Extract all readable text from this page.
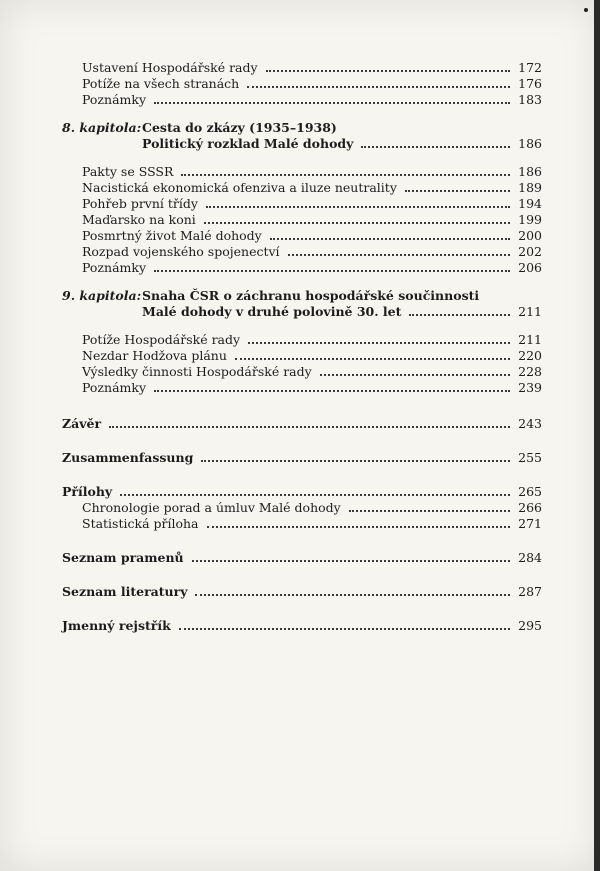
Ustavení Hospodářské rady	172
Potíže na všech stranách	176
Poznámky	183
8. kapitola: Cesta do zkázy (1935–1938)
Politický rozklad Malé dohody	186
Pakty se SSSR	186
Nacistická ekonomická ofenziva a iluze neutrality	189
Pohřeb první třídy	194
Maďarsko na koni	199
Posmrtný život Malé dohody	200
Rozpad vojenského spojenectví	202
Poznámky	206
9. kapitola: Snaha ČSR o záchranu hospodářské součinnosti
Malé dohody v druhé polovině 30. let	211
Potíže Hospodářské rady	211
Nezdar Hodžova plánu	220
Výsledky činnosti Hospodářské rady	228
Poznámky	239
Závěr	243
Zusammenfassung	255
Přílohy	265
Chronologie porad a úmluv Malé dohody	266
Statistická příloha	271
Seznam pramenů	284
Seznam literatury	287
Jmenný rejstřík	295
